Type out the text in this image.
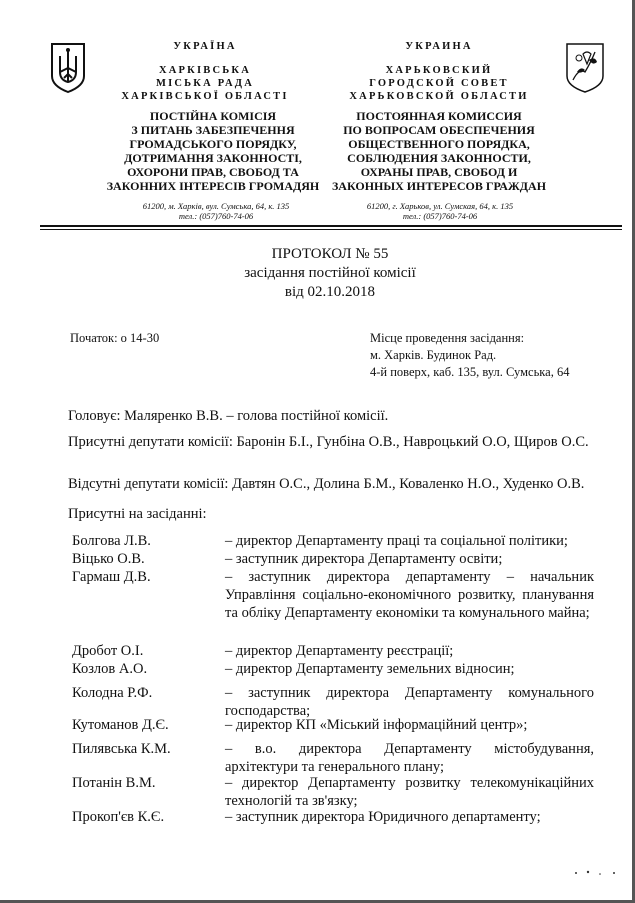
УКРАЇНА
ХАРКІВСЬКА
МІСЬКА РАДА
ХАРКІВСЬКОЇ ОБЛАСТІ
ПОСТІЙНА КОМІСІЯ
З ПИТАНЬ ЗАБЕЗПЕЧЕННЯ
ГРОМАДСЬКОГО ПОРЯДКУ,
ДОТРИМАННЯ ЗАКОННОСТІ,
ОХОРОНИ ПРАВ, СВОБОД ТА
ЗАКОННИХ ІНТЕРЕСІВ ГРОМАДЯН
61200, м. Харків, вул. Сумська, 64, к. 135
тел.: (057)760-74-06
УКРАИНА
ХАРЬКОВСКИЙ
ГОРОДСКОЙ СОВЕТ
ХАРЬКОВСКОЙ ОБЛАСТИ
ПОСТОЯННАЯ КОМИССИЯ
ПО ВОПРОСАМ ОБЕСПЕЧЕНИЯ
ОБЩЕСТВЕННОГО ПОРЯДКА,
СОБЛЮДЕНИЯ ЗАКОННОСТИ,
ОХРАНЫ ПРАВ, СВОБОД И
ЗАКОННЫХ ИНТЕРЕСОВ ГРАЖДАН
61200, г. Харьков, ул. Сумская, 64, к. 135
тел.: (057)760-74-06
ПРОТОКОЛ № 55
засідання постійної комісії
від 02.10.2018
Початок: о 14-30	Місце проведення засідання:
м. Харків. Будинок Рад.
4-й поверх, каб. 135, вул. Сумська, 64
Головує: Маляренко В.В. – голова постійної комісії.
Присутні депутати комісії: Баронін Б.І., Гунбіна О.В., Навроцький О.О, Щиров О.С.
Відсутні депутати комісії: Давтян О.С., Долина Б.М., Коваленко Н.О., Худенко О.В.
Присутні на засіданні:
Болгова Л.В.	– директор Департаменту праці та соціальної політики;
Віцько О.В.	– заступник директора Департаменту освіти;
Гармаш Д.В.	– заступник директора департаменту – начальник Управління соціально-економічного розвитку, планування та обліку Департаменту економіки та комунального майна;
Дробот О.І.	– директор Департаменту реєстрації;
Козлов А.О.	– директор Департаменту земельних відносин;
Колодна Р.Ф.	– заступник директора Департаменту комунального господарства;
Кутоманов Д.Є.	– директор КП «Міський інформаційний центр»;
Пилявська К.М.	– в.о. директора Департаменту містобудування, архітектури та генерального плану;
Потанін В.М.	– директор Департаменту розвитку телекомунікаційних технологій та зв'язку;
Прокоп'єв К.Є.	– заступник директора Юридичного департаменту;
